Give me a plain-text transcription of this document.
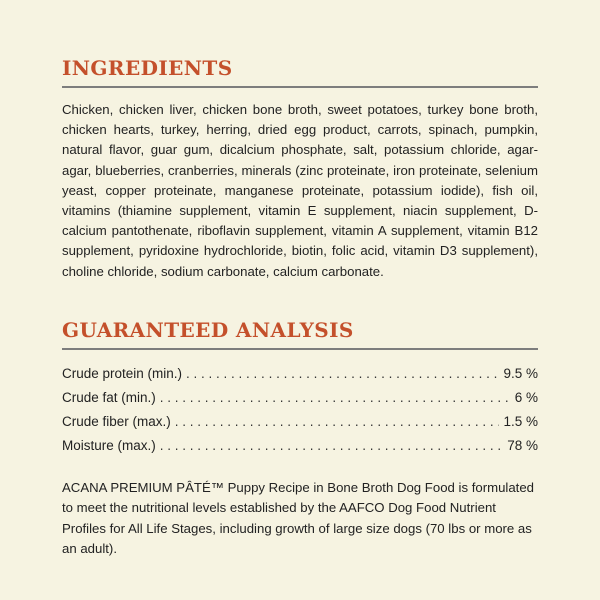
INGREDIENTS

Chicken, chicken liver, chicken bone broth, sweet potatoes, turkey bone broth, chicken hearts, turkey, herring, dried egg product, carrots, spinach, pumpkin, natural flavor, guar gum, dicalcium phosphate, salt, potassium chloride, agar-agar, blueberries, cranberries, minerals (zinc proteinate, iron proteinate, selenium yeast, copper proteinate, manganese proteinate, potassium iodide), fish oil, vitamins (thiamine supplement, vitamin E supplement, niacin supplement, D-calcium pantothenate, riboflavin supplement, vitamin A supplement, vitamin B12 supplement, pyridoxine hydrochloride, biotin, folic acid, vitamin D3 supplement), choline chloride, sodium carbonate, calcium carbonate.

GUARANTEED ANALYSIS
Crude protein (min.) . . .	9.5 %
Crude fat (min.) . . .	6 %
Crude fiber (max.) . . .	1.5 %
Moisture (max.) . . .	78 %

ACANA PREMIUM PÂTÉ™ Puppy Recipe in Bone Broth Dog Food is formulated to meet the nutritional levels established by the AAFCO Dog Food Nutrient Profiles for All Life Stages, including growth of large size dogs (70 lbs or more as an adult).
